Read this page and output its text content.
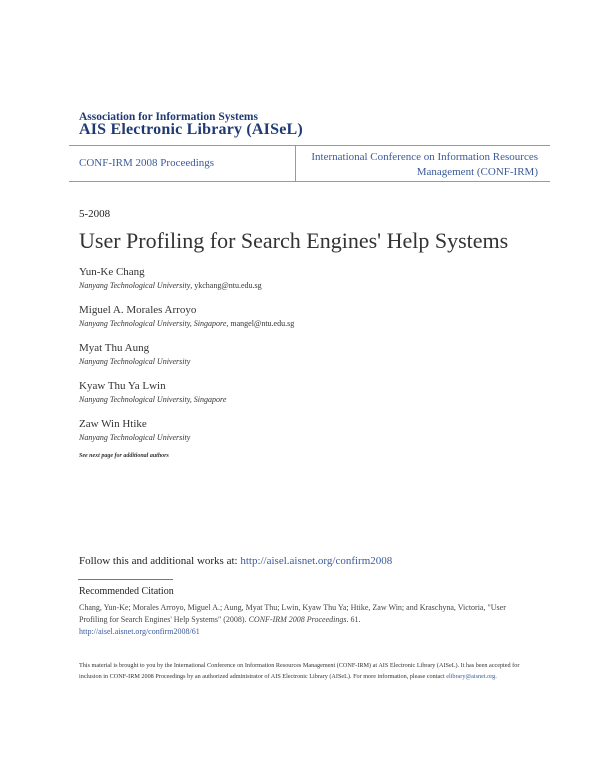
Association for Information Systems
AIS Electronic Library (AISeL)
CONF-IRM 2008 Proceedings	International Conference on Information Resources
Management (CONF-IRM)
5-2008
User Profiling for Search Engines' Help Systems
Yun-Ke Chang
Nanyang Technological University, ykchang@ntu.edu.sg
Miguel A. Morales Arroyo
Nanyang Technological University, Singapore, mangel@ntu.edu.sg
Myat Thu Aung
Nanyang Technological University
Kyaw Thu Ya Lwin
Nanyang Technological University, Singapore
Zaw Win Htike
Nanyang Technological University
See next page for additional authors
Follow this and additional works at: http://aisel.aisnet.org/confirm2008
Recommended Citation
Chang, Yun-Ke; Morales Arroyo, Miguel A.; Aung, Myat Thu; Lwin, Kyaw Thu Ya; Htike, Zaw Win; and Kraschyna, Victoria, "User Profiling for Search Engines' Help Systems" (2008). CONF-IRM 2008 Proceedings. 61.
http://aisel.aisnet.org/confirm2008/61
This material is brought to you by the International Conference on Information Resources Management (CONF-IRM) at AIS Electronic Library (AISeL). It has been accepted for inclusion in CONF-IRM 2008 Proceedings by an authorized administrator of AIS Electronic Library (AISeL). For more information, please contact elibrary@aisnet.org.
